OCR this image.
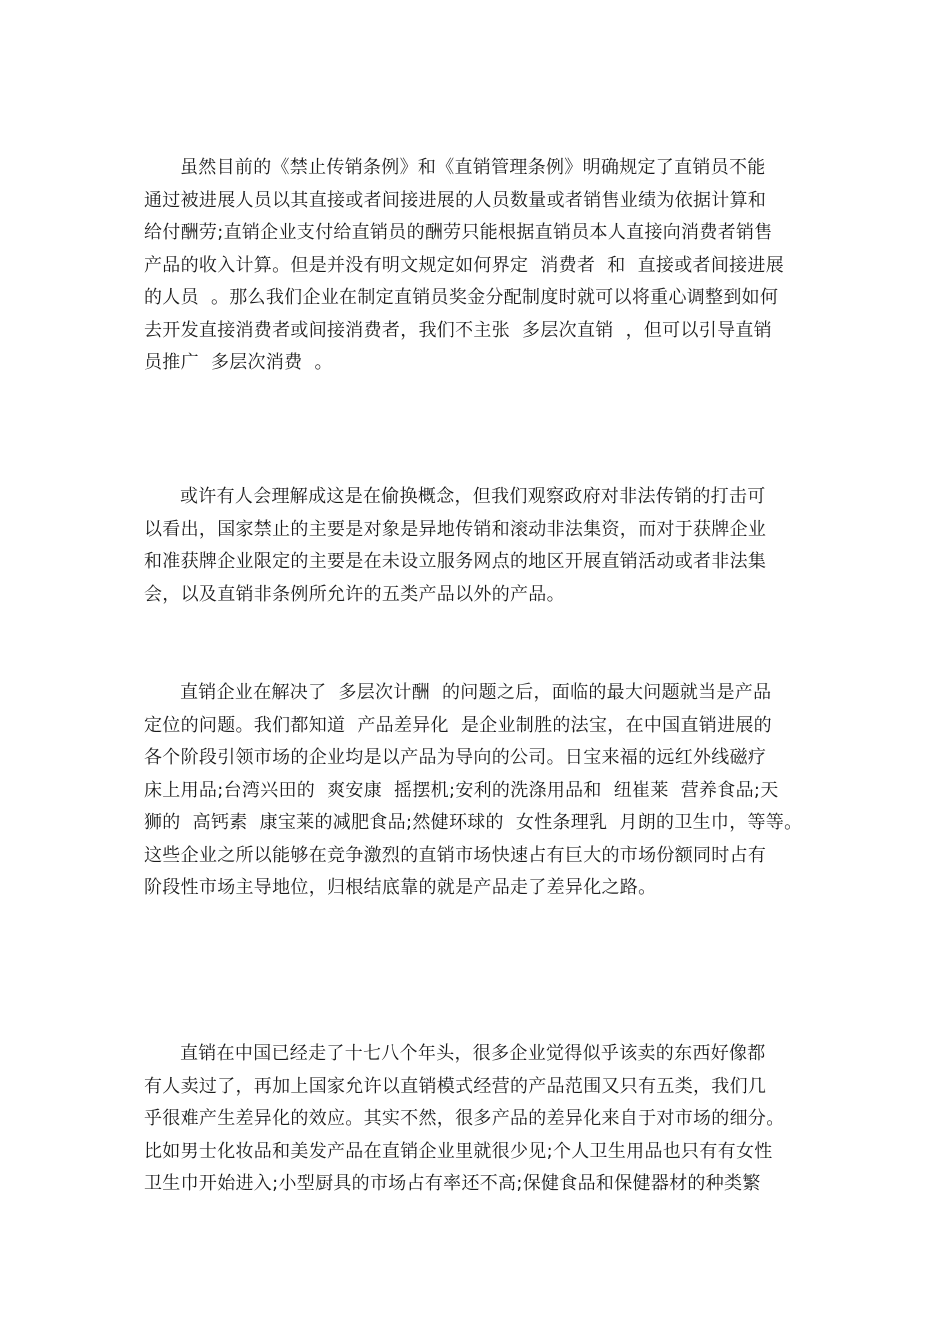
虽然目前的《禁止传销条例》和《直销管理条例》明确规定了直销员不能
通过被进展人员以其直接或者间接进展的人员数量或者销售业绩为依据计算和
给付酬劳;直销企业支付给直销员的酬劳只能根据直销员本人直接向消费者销售
产品的收入计算。但是并没有明文规定如何界定  消费者  和  直接或者间接进展
的人员  。那么我们企业在制定直销员奖金分配制度时就可以将重心调整到如何
去开发直接消费者或间接消费者，我们不主张  多层次直销  ，但可以引导直销
员推广  多层次消费  。
或许有人会理解成这是在偷换概念，但我们观察政府对非法传销的打击可
以看出，国家禁止的主要是对象是异地传销和滚动非法集资，而对于获牌企业
和准获牌企业限定的主要是在未设立服务网点的地区开展直销活动或者非法集
会，以及直销非条例所允许的五类产品以外的产品。
直销企业在解决了  多层次计酬  的问题之后，面临的最大问题就当是产品
定位的问题。我们都知道  产品差异化  是企业制胜的法宝，在中国直销进展的
各个阶段引领市场的企业均是以产品为导向的公司。日宝来福的远红外线磁疗
床上用品;台湾兴田的  爽安康  摇摆机;安利的洗涤用品和  纽崔莱  营养食品;天
狮的  高钙素  康宝莱的减肥食品;然健环球的  女性条理乳  月朗的卫生巾，等等。
这些企业之所以能够在竞争激烈的直销市场快速占有巨大的市场份额同时占有
阶段性市场主导地位，归根结底靠的就是产品走了差异化之路。
直销在中国已经走了十七八个年头，很多企业觉得似乎该卖的东西好像都
有人卖过了，再加上国家允许以直销模式经营的产品范围又只有五类，我们几
乎很难产生差异化的效应。其实不然，很多产品的差异化来自于对市场的细分。
比如男士化妆品和美发产品在直销企业里就很少见;个人卫生用品也只有有女性
卫生巾开始进入;小型厨具的市场占有率还不高;保健食品和保健器材的种类繁
